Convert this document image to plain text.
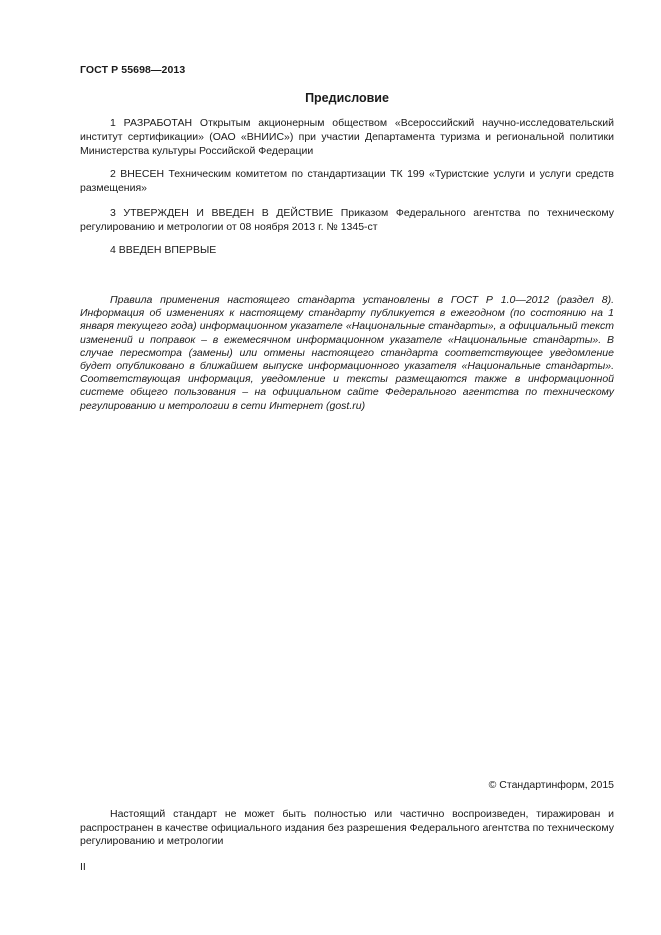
ГОСТ Р 55698—2013
Предисловие

1 РАЗРАБОТАН Открытым акционерным обществом «Всероссийский научно-исследовательский институт сертификации» (ОАО «ВНИИС») при участии Департамента туризма и региональной политики Министерства культуры Российской Федерации

2 ВНЕСЕН Техническим комитетом по стандартизации ТК 199 «Туристские услуги и услуги средств размещения»

3 УТВЕРЖДЕН И ВВЕДЕН В ДЕЙСТВИЕ Приказом Федерального агентства по техническому регулированию и метрологии от 08 ноября 2013 г. № 1345-ст

4 ВВЕДЕН ВПЕРВЫЕ

Правила применения настоящего стандарта установлены в ГОСТ Р 1.0—2012 (раздел 8). Информация об изменениях к настоящему стандарту публикуется в ежегодном (по состоянию на 1 января текущего года) информационном указателе «Национальные стандарты», а официальный текст изменений и поправок – в ежемесячном информационном указателе «Национальные стандарты». В случае пересмотра (замены) или отмены настоящего стандарта соответствующее уведомление будет опубликовано в ближайшем выпуске информационного указателя «Национальные стандарты». Соответствующая информация, уведомление и тексты размещаются также в информационной системе общего пользования – на официальном сайте Федерального агентства по техническому регулированию и метрологии в сети Интернет (gost.ru)

© Стандартинформ, 2015

Настоящий стандарт не может быть полностью или частично воспроизведен, тиражирован и распространен в качестве официального издания без разрешения Федерального агентства по техническому регулированию и метрологии

II
